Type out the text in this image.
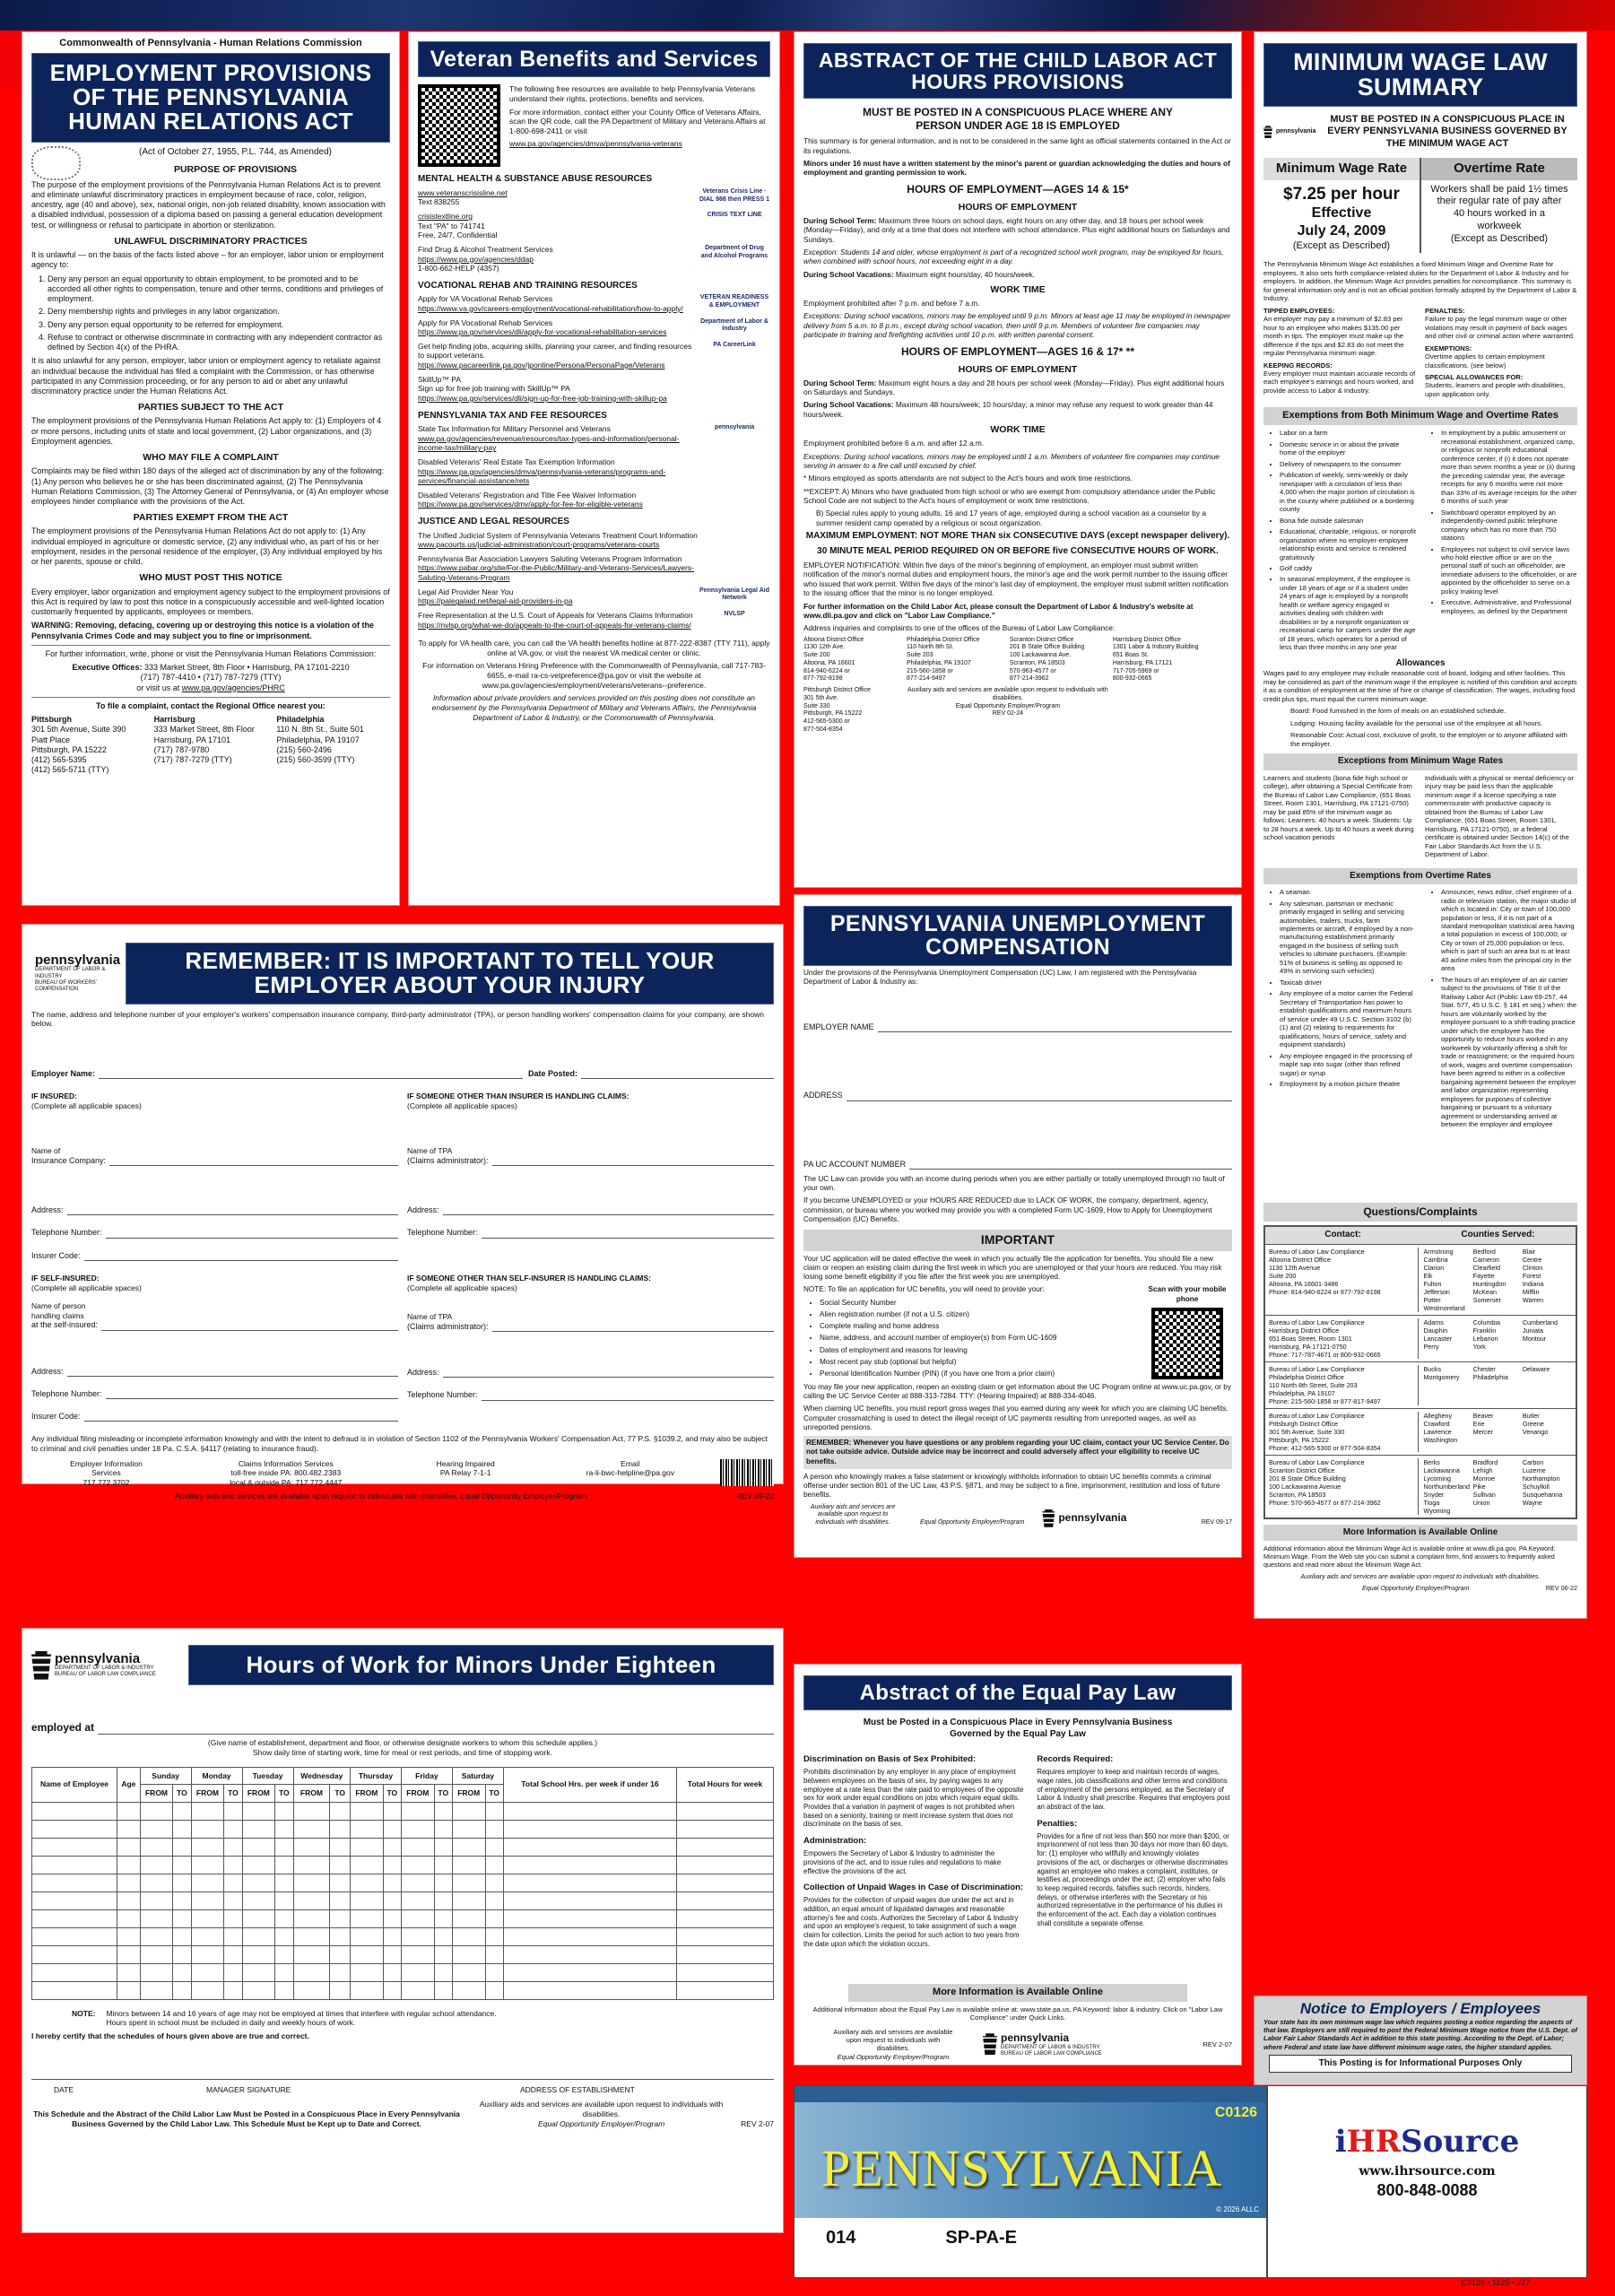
Commonwealth of Pennsylvania - Human Relations Commission
EMPLOYMENT PROVISIONS OF THE PENNSYLVANIA HUMAN RELATIONS ACT
(Act of October 27, 1955, P.L. 744, as Amended)
PURPOSE OF PROVISIONS

The purpose of the employment provisions of the Pennsylvania Human Relations Act is to prevent and eliminate unlawful discriminatory practices in employment because of race, color, religion, ancestry, age (40 and above), sex, national origin, non-job related disability, known association with a disabled individual, possession of a diploma based on passing a general education development test, or willingness or refusal to participate in abortion or sterilization.

UNLAWFUL DISCRIMINATORY PRACTICES

It is unlawful — on the basis of the facts listed above – for an employer, labor union or employment agency to:

1. Deny any person an equal opportunity to obtain employment, to be promoted and to be accorded all other rights to compensation, tenure and other terms, conditions and privileges of employment.
2. Deny membership rights and privileges in any labor organization.
3. Deny any person equal opportunity to be referred for employment.
4. Refuse to contract or otherwise discriminate in contracting with any independent contractor as defined by Section 4(x) of the PHRA.

It is also unlawful for any person, employer, labor union or employment agency to retaliate against an individual because the individual has filed a complaint with the Commission, or has otherwise participated in any Commission proceeding, or for any person to aid or abet any unlawful discriminatory practice under the Human Relations Act.

PARTIES SUBJECT TO THE ACT

The employment provisions of the Pennsylvania Human Relations Act apply to: (1) Employers of 4 or more persons, including units of state and local government, (2) Labor organizations, and (3) Employment agencies.

WHO MAY FILE A COMPLAINT

Complaints may be filed within 180 days of the alleged act of discrimination by any of the following: (1) Any person who believes he or she has been discriminated against, (2) The Pennsylvania Human Relations Commission, (3) The Attorney General of Pennsylvania, or (4) An employer whose employees hinder compliance with the provisions of the Act.

PARTIES EXEMPT FROM THE ACT

The employment provisions of the Pennsylvania Human Relations Act do not apply to: (1) Any individual employed in agriculture or domestic service, (2) any individual who, as part of his or her employment, resides in the personal residence of the employer, (3) Any individual employed by his or her parents, spouse or child.

WHO MUST POST THIS NOTICE

Every employer, labor organization and employment agency subject to the employment provisions of this Act is required by law to post this notice in a conspicuously accessible and well-lighted location customarily frequented by applicants, employees or members.

WARNING: Removing, defacing, covering up or destroying this notice is a violation of the Pennsylvania Crimes Code and may subject you to fine or imprisonment.

For further information, write, phone or visit the Pennsylvania Human Relations Commission:

Executive Offices: 333 Market Street, 8th Floor • Harrisburg, PA 17101-2210
(717) 787-4410 • (717) 787-7279 (TTY)
or visit us at www.pa.gov/agencies/PHRC
To file a complaint, contact the Regional Office nearest you:
Pittsburgh
301 5th Avenue, Suite 390
Piatt Place
Pittsburgh, PA 15222
(412) 565-5395
(412) 565-5711 (TTY)
Harrisburg
333 Market Street, 8th Floor
Harrisburg, PA 17101
(717) 787-9780
(717) 787-7279 (TTY)
Philadelphia
110 N. 8th St., Suite 501
Philadelphia, PA 19107
(215) 560-2496
(215) 560-3599 (TTY)
Veteran Benefits and Services

The following free resources are available to help Pennsylvania Veterans understand their rights, protections, benefits and services.

For more information, contact either your County Office of Veterans Affairs, scan the QR code, call the PA Department of Military and Veterans Affairs at 1-800-698-2411 or visit

www.pa.gov/agencies/dmva/pennsylvania-veterans
MENTAL HEALTH & SUBSTANCE ABUSE RESOURCES
www.veteranscrisisline.net
Text 838255
Veterans Crisis Line · DIAL 988 then PRESS 1
crisistextline.org
Text "PA" to 741741
Free, 24/7, Confidential
CRISIS TEXT LINE
Find Drug & Alcohol Treatment Services
https://www.pa.gov/agencies/ddap
1-800-662-HELP (4357)
Department of Drug and Alcohol Programs
VOCATIONAL REHAB AND TRAINING RESOURCES
Apply for VA Vocational Rehab Services
https://www.va.gov/careers-employment/vocational-rehabilitation/how-to-apply/
VETERAN READINESS & EMPLOYMENT
Apply for PA Vocational Rehab Services
https://www.pa.gov/services/dli/apply-for-vocational-rehabilitation-services
Department of Labor & Industry
Get help finding jobs, acquiring skills, planning your career, and finding resources to support veterans.
https://www.pacareerlink.pa.gov/jponline/Persona/PersonaPage/Veterans
PA CareerLink
SkillUp™ PA
Sign up for free job training with SkillUp™ PA
https://www.pa.gov/services/dli/sign-up-for-free-job-training-with-skillup-pa
PENNSYLVANIA TAX AND FEE RESOURCES
State Tax Information for Military Personnel and Veterans
www.pa.gov/agencies/revenue/resources/tax-types-and-information/personal-income-tax/military-pay
pennsylvania
Disabled Veterans' Real Estate Tax Exemption Information
https://www.pa.gov/agencies/dmva/pennsylvania-veterans/programs-and-services/financial-assistance/rets
Disabled Veterans' Registration and Title Fee Waiver Information
https://www.pa.gov/services/dmv/apply-for-fee-for-eligible-veterans
JUSTICE AND LEGAL RESOURCES
The Unified Judicial System of Pennsylvania Veterans Treatment Court Information
www.pacourts.us/judicial-administration/court-programs/veterans-courts
Pennsylvania Bar Association Lawyers Saluting Veterans Program Information
https://www.pabar.org/site/For-the-Public/Military-and-Veterans-Services/Lawyers-Saluting-Veterans-Program
Legal Aid Provider Near You
https://palegalaid.net/legal-aid-providers-in-pa
Pennsylvania Legal Aid Network
Free Representation at the U.S. Court of Appeals for Veterans Claims Information
https://nvlsp.org/what-we-do/appeals-to-the-court-of-appeals-for-veterans-claims/
NVLSP

To apply for VA health care, you can call the VA health benefits hotline at 877-222-8387 (TTY 711), apply online at VA.gov, or visit the nearest VA medical center or clinic.

For information on Veterans Hiring Preference with the Commonwealth of Pennsylvania, call 717-783-6655, e-mail ra-cs-vetpreference@pa.gov or visit the website at www.pa.gov/agencies/employment/veterans/veterans--preference.

Information about private providers and services provided on this posting does not constitute an endorsement by the Pennsylvania Department of Military and Veterans Affairs, the Pennsylvania Department of Labor & Industry, or the Commonwealth of Pennsylvania.

ABSTRACT OF THE CHILD LABOR ACT HOURS PROVISIONS
MUST BE POSTED IN A CONSPICUOUS PLACE WHERE ANY PERSON UNDER AGE 18 IS EMPLOYED

This summary is for general information, and is not to be considered in the same light as official statements contained in the Act or its regulations.

Minors under 16 must have a written statement by the minor's parent or guardian acknowledging the duties and hours of employment and granting permission to work.

HOURS OF EMPLOYMENT—AGES 14 & 15*
HOURS OF EMPLOYMENT

During School Term: Maximum three hours on school days, eight hours on any other day, and 18 hours per school week (Monday—Friday), and only at a time that does not interfere with school attendance. Plus eight additional hours on Saturdays and Sundays.

Exception: Students 14 and older, whose employment is part of a recognized school work program, may be employed for hours, when combined with school hours, not exceeding eight in a day.

During School Vacations: Maximum eight hours/day, 40 hours/week.

WORK TIME

Employment prohibited after 7 p.m. and before 7 a.m.

Exceptions: During school vacations, minors may be employed until 9 p.m. Minors at least age 11 may be employed in newspaper delivery from 5 a.m. to 8 p.m., except during school vacation, then until 9 p.m. Members of volunteer fire companies may participate in training and firefighting activities until 10 p.m. with written parental consent.

HOURS OF EMPLOYMENT—AGES 16 & 17* **
HOURS OF EMPLOYMENT

During School Term: Maximum eight hours a day and 28 hours per school week (Monday—Friday). Plus eight additional hours on Saturdays and Sundays.

During School Vacations: Maximum 48 hours/week; 10 hours/day; a minor may refuse any request to work greater than 44 hours/week.

WORK TIME

Employment prohibited before 6 a.m. and after 12 a.m.

Exceptions: During school vacations, minors may be employed until 1 a.m. Members of volunteer fire companies may continue serving in answer to a fire call until excused by chief.

* Minors employed as sports attendants are not subject to the Act's hours and work time restrictions.

**EXCEPT: A) Minors who have graduated from high school or who are exempt from compulsory attendance under the Public School Code are not subject to the Act's hours of employment or work time restrictions.

B) Special rules apply to young adults, 16 and 17 years of age, employed during a school vacation as a counselor by a summer resident camp operated by a religious or scout organization.

MAXIMUM EMPLOYMENT: NOT MORE THAN six CONSECUTIVE DAYS (except newspaper delivery).

30 MINUTE MEAL PERIOD REQUIRED ON OR BEFORE five CONSECUTIVE HOURS OF WORK.

EMPLOYER NOTIFICATION: Within five days of the minor's beginning of employment, an employer must submit written notification of the minor's normal duties and employment hours, the minor's age and the work permit number to the issuing officer who issued that work permit. Within five days of the minor's last day of employment, the employer must submit written notification to the issuing officer that the minor is no longer employed.

For further information on the Child Labor Act, please consult the Department of Labor & Industry's website at www.dli.pa.gov and click on "Labor Law Compliance."

Address inquiries and complaints to one of the offices of the Bureau of Labor Law Compliance:

Altoona District Office
1130 12th Ave.
Suite 200
Altoona, PA 16601
814-940-6224 or
877-792-8198
Philadelphia District Office
110 North 8th St.
Suite 203
Philadelphia, PA 19107
215-560-1858 or
877-214-9497
Scranton District Office
201 B State Office Building
100 Lackawanna Ave.
Scranton, PA 18503
570-963-4577 or
877-214-3962
Harrisburg District Office
1301 Labor & Industry Building
651 Boas St.
Harrisburg, PA 17121
717-705-5969 or
800-932-0665
Pittsburgh District Office
301 5th Ave.
Suite 330
Pittsburgh, PA 15222
412-565-5300 or
877-504-8354
Auxiliary aids and services are available upon request to individuals with disabilities.
Equal Opportunity Employer/Program
REV 02-24
MINIMUM WAGE LAW SUMMARY
pennsylvania
MUST BE POSTED IN A CONSPICUOUS PLACE IN EVERY PENNSYLVANIA BUSINESS GOVERNED BY THE MINIMUM WAGE ACT
Minimum Wage Rate
$7.25 per hour
Effective
July 24, 2009
(Except as Described)
Overtime Rate
Workers shall be paid 1½ times their regular rate of pay after 40 hours worked in a workweek
(Except as Described)

The Pennsylvania Minimum Wage Act establishes a fixed Minimum Wage and Overtime Rate for employees. It also sets forth compliance-related duties for the Department of Labor & Industry and for employers. In addition, the Minimum Wage Act provides penalties for noncompliance. This summary is for general information only and is not an official position formally adopted by the Department of Labor & Industry.

TIPPED EMPLOYEES:

An employer may pay a minimum of $2.83 per hour to an employee who makes $135.00 per month in tips. The employer must make up the difference if the tips and $2.83 do not meet the regular Pennsylvania minimum wage.

KEEPING RECORDS:

Every employer must maintain accurate records of each employee's earnings and hours worked, and provide access to Labor & Industry.

PENALTIES:

Failure to pay the legal minimum wage or other violations may result in payment of back wages and other civil or criminal action where warranted.

EXEMPTIONS:

Overtime applies to certain employment classifications. (see below)

SPECIAL ALLOWANCES FOR:

Students, learners and people with disabilities, upon application only.

Exemptions from Both Minimum Wage and Overtime Rates
• Labor on a farm
• Domestic service in or about the private home of the employer
• Delivery of newspapers to the consumer
• Publication of weekly, semi-weekly or daily newspaper with a circulation of less than 4,000 when the major portion of circulation is in the county where published or a bordering county
• Bona fide outside salesman
• Educational, charitable, religious, or nonprofit organization where no employer-employee relationship exists and service is rendered gratuitously
• Golf caddy
• In seasonal employment, if the employee is under 18 years of age or if a student under 24 years of age is employed by a nonprofit health or welfare agency engaged in activities dealing with children with disabilities or by a nonprofit organization or recreational camp for campers under the age of 18 years, which operates for a period of less than three months in any one year
• In employment by a public amusement or recreational establishment, organized camp, or religious or nonprofit educational conference center, if (i) it does not operate more than seven months a year or (ii) during the preceding calendar year, the average receipts for any 6 months were not more than 33% of its average receipts for the other 6 months of such year
• Switchboard operator employed by an independently-owned public telephone company which has no more than 750 stations
• Employees not subject to civil service laws who hold elective office or are on the personal staff of such an officeholder, are immediate advisers to the officeholder, or are appointed by the officeholder to serve on a policy making level
• Executive, Administrative, and Professional employees, as defined by the Department
Allowances

Wages paid to any employee may include reasonable cost of board, lodging and other facilities. This may be considered as part of the minimum wage if the employee is notified of this condition and accepts it as a condition of employment at the time of hire or change of classification. The wages, including food credit plus tips, must equal the current minimum wage.

Board: Food furnished in the form of meals on an established schedule.

Lodging: Housing facility available for the personal use of the employee at all hours.

Reasonable Cost: Actual cost, exclusive of profit, to the employer or to anyone affiliated with the employer.

Exceptions from Minimum Wage Rates

Learners and students (bona fide high school or college), after obtaining a Special Certificate from the Bureau of Labor Law Compliance, (651 Boas Street, Room 1301, Harrisburg, PA 17121-0750) may be paid 85% of the minimum wage as follows: Learners: 40 hours a week. Students: Up to 28 hours a week. Up to 40 hours a week during school vacation periods

Individuals with a physical or mental deficiency or injury may be paid less than the applicable minimum wage if a license specifying a rate commensurate with productive capacity is obtained from the Bureau of Labor Law Compliance, (651 Boas Street, Room 1301, Harrisburg, PA 17121-0750), or a federal certificate is obtained under Section 14(c) of the Fair Labor Standards Act from the U.S. Department of Labor.

Exemptions from Overtime Rates
• A seaman
• Any salesman, partsman or mechanic primarily engaged in selling and servicing automobiles, trailers, trucks, farm implements or aircraft, if employed by a non-manufacturing establishment primarily engaged in the business of selling such vehicles to ultimate purchasers. (Example: 51% of business is selling as opposed to 49% in servicing such vehicles)
• Taxicab driver
• Any employee of a motor carrier the Federal Secretary of Transportation has power to establish qualifications and maximum hours of service under 49 U.S.C. Section 3102 (b)(1) and (2) relating to requirements for qualifications, hours of service, safety and equipment standards)
• Any employee engaged in the processing of maple sap into sugar (other than refined sugar) or syrup
• Employment by a motion picture theatre
• Announcer, news editor, chief engineer of a radio or television station, the major studio of which is located in: City or town of 100,000 population or less, if it is not part of a standard metropolitan statistical area having a total population in excess of 100,000; or City or town of 25,000 population or less, which is part of such an area but is at least 40 airline miles from the principal city in the area
• The hours of an employee of an air carrier subject to the provisions of Title II of the Railway Labor Act (Public Law 69-257, 44 Stat. 577, 45 U.S.C. § 181 et seq.) when: the hours are voluntarily worked by the employee pursuant to a shift-trading practice under which the employee has the opportunity to reduce hours worked in any workweek by voluntarily offering a shift for trade or reassignment; or the required hours of work, wages and overtime compensation have been agreed to either in a collective bargaining agreement between the employer and labor organization representing employees for purposes of collective bargaining or pursuant to a voluntary agreement or understanding arrived at between the employer and employee
Questions/Complaints
Contact:	Counties Served:
Bureau of Labor Law Compliance
Altoona District Office
1130 12th Avenue
Suite 200
Altoona, PA 16601-3486
Phone: 814-940-6224 or 877-792-8198
Armstrong	Bedford	Blair
Cambria	Cameron	Centre
Clarion	Clearfield	Clinton
Elk	Fayette	Forest
Fulton	Huntingdon	Indiana
Jefferson	McKean	Mifflin
Potter	Somerset	Warren
Westmoreland
Bureau of Labor Law Compliance
Harrisburg District Office
651 Boas Street, Room 1301
Harrisburg, PA 17121-0750
Phone: 717-787-4671 or 800-932-0665
Adams	Columbia	Cumberland
Dauphin	Franklin	Juniata
Lancaster	Lebanon	Montour
Perry	York
Bureau of Labor Law Compliance
Philadelphia District Office
110 North 8th Street, Suite 203
Philadelphia, PA 19107
Phone: 215-560-1858 or 877-817-9497
Bucks	Chester	Delaware
Montgomery	Philadelphia
Bureau of Labor Law Compliance
Pittsburgh District Office
301 5th Avenue, Suite 330
Pittsburgh, PA 15222
Phone: 412-565-5300 or 877-504-8354
Allegheny	Beaver	Butler
Crawford	Erie	Greene
Lawrence	Mercer	Venango
Washington
Bureau of Labor Law Compliance
Scranton District Office
201 B State Office Building
100 Lackawanna Avenue
Scranton, PA 18503
Phone: 570-963-4577 or 877-214-3962
Berks	Bradford	Carbon
Lackawanna	Lehigh	Luzerne
Lycoming	Monroe	Northampton
Northumberland Pike	Schuylkill
Snyder	Sullivan	Susquehanna
Tioga	Union	Wayne
Wyoming
More Information is Available Online

Additional information about the Minimum Wage Act is available online at www.dli.pa.gov, PA Keyword: Minimum Wage. From the Web site you can submit a complaint form, find answers to frequently asked questions and read more about the Minimum Wage Act.

Auxiliary aids and services are available upon request to individuals with disabilities.

Equal Opportunity Employer/Program	REV 06-22
Notice to Employers / Employees

Your state has its own minimum wage law which requires posting a notice regarding the aspects of that law. Employers are still required to post the Federal Minimum Wage notice from the U.S. Dept. of Labor Fair Labor Standards Act in addition to this state posting. According to the Dept. of Labor; where Federal and state law have different minimum wage rates, the higher standard applies.

This Posting is for Informational Purposes Only
pennsylvania
DEPARTMENT OF LABOR & INDUSTRY
BUREAU OF WORKERS' COMPENSATION
REMEMBER: IT IS IMPORTANT TO TELL YOUR EMPLOYER ABOUT YOUR INJURY

The name, address and telephone number of your employer's workers' compensation insurance company, third-party administrator (TPA), or person handling workers' compensation claims for your company, are shown below.

Employer Name:	Date Posted:
IF INSURED:
(Complete all applicable spaces)
Name of
Insurance Company:
Address:
Telephone Number:
Insurer Code:
IF SOMEONE OTHER THAN INSURER IS HANDLING CLAIMS:
(Complete all applicable spaces)
Name of TPA
(Claims administrator):
Address:
Telephone Number:
IF SELF-INSURED:
(Complete all applicable spaces)
Name of person
handling claims
at the self-insured:
Address:
Telephone Number:
Insurer Code:
IF SOMEONE OTHER THAN SELF-INSURER IS HANDLING CLAIMS:
(Complete all applicable spaces)
Name of TPA
(Claims administrator):
Address:
Telephone Number:

Any individual filing misleading or incomplete information knowingly and with the intent to defraud is in violation of Section 1102 of the Pennsylvania Workers' Compensation Act, 77 P.S. §1039.2, and may also be subject to criminal and civil penalties under 18 Pa. C.S.A. §4117 (relating to insurance fraud).

Employer Information
Services
717.772.3702
Claims Information Services
toll-free inside PA: 800.482.2383
local & outside PA: 717.772.4447
Hearing Impaired
PA Relay 7-1-1
Email
ra-li-bwc-helpline@pa.gov
Auxiliary aids and services are available upon request to individuals with disabilities. Equal Opportunity Employer/Program	REV 09-22
PENNSYLVANIA UNEMPLOYMENT COMPENSATION

Under the provisions of the Pennsylvania Unemployment Compensation (UC) Law, I am registered with the Pennsylvania Department of Labor & Industry as:

EMPLOYER NAME
ADDRESS
PA UC ACCOUNT NUMBER

The UC Law can provide you with an income during periods when you are either partially or totally unemployed through no fault of your own.

If you become UNEMPLOYED or your HOURS ARE REDUCED due to LACK OF WORK, the company, department, agency, commission, or bureau where you worked may provide you with a completed Form UC-1609, How to Apply for Unemployment Compensation (UC) Benefits.

IMPORTANT

Your UC application will be dated effective the week in which you actually file the application for benefits. You should file a new claim or reopen an existing claim during the first week in which you are unemployed or that your hours are reduced. You may risk losing some benefit eligibility if you file after the first week you are unemployed.

NOTE: To file an application for UC benefits, you will need to provide your:

• Social Security Number
• Alien registration number (if not a U.S. citizen)
• Complete mailing and home address
• Name, address, and account number of employer(s) from Form UC-1609
• Dates of employment and reasons for leaving
• Most recent pay stub (optional but helpful)
• Personal Identification Number (PIN) (if you have one from a prior claim)
Scan with your mobile phone

You may file your new application, reopen an existing claim or get information about the UC Program online at www.uc.pa.gov, or by calling the UC Service Center at 888-313-7284. TTY: (Hearing Impaired) at 888-334-4046.

When claiming UC benefits, you must report gross wages that you earned during any week for which you are claiming UC benefits. Computer crossmatching is used to detect the illegal receipt of UC payments resulting from unreported wages, as well as unreported pensions.

REMEMBER: Whenever you have questions or any problem regarding your UC claim, contact your UC Service Center. Do not take outside advice. Outside advice may be incorrect and could adversely affect your eligibility to receive UC benefits.

A person who knowingly makes a false statement or knowingly withholds information to obtain UC benefits commits a criminal offense under section 801 of the UC Law, 43 P.S. §871, and may be subject to a fine, imprisonment, restitution and loss of future benefits.

Auxiliary aids and services are available upon request to individuals with disabilities.	Equal Opportunity Employer/Program	pennsylvania	REV 09-17
Abstract of the Equal Pay Law
Must be Posted in a Conspicuous Place in Every Pennsylvania Business Governed by the Equal Pay Law
Discrimination on Basis of Sex Prohibited:

Prohibits discrimination by any employer in any place of employment between employees on the basis of sex, by paying wages to any employee at a rate less than the rate paid to employees of the opposite sex for work under equal conditions on jobs which require equal skills. Provides that a variation in payment of wages is not prohibited when based on a seniority, training or merit increase system that does not discriminate on the basis of sex.

Administration:

Empowers the Secretary of Labor & Industry to administer the provisions of the act, and to issue rules and regulations to make effective the provisions of the act.

Collection of Unpaid Wages in Case of Discrimination:

Provides for the collection of unpaid wages due under the act and in addition, an equal amount of liquidated damages and reasonable attorney's fee and costs. Authorizes the Secretary of Labor & Industry and upon an employee's request, to take assignment of such a wage claim for collection. Limits the period for such action to two years from the date upon which the violation occurs.

Records Required:

Requires employer to keep and maintain records of wages, wage rates, job classifications and other terms and conditions of employment of the persons employed, as the Secretary of Labor & Industry shall prescribe. Requires that employers post an abstract of the law.

Penalties:

Provides for a fine of not less than $50 nor more than $200, or imprisonment of not less than 30 days nor more than 60 days, for: (1) employer who willfully and knowingly violates provisions of the act, or discharges or otherwise discriminates against an employee who makes a complaint, institutes, or testifies at, proceedings under the act; (2) employer who fails to keep required records, falsifies such records, hinders, delays, or otherwise interferes with the Secretary or his authorized representative in the performance of his duties in the enforcement of the act. Each day a violation continues shall constitute a separate offense.

More Information is Available Online

Additional information about the Equal Pay Law is available online at: www.state.pa.us, PA Keyword: labor & industry. Click on "Labor Law Compliance" under Quick Links.

Auxiliary aids and services are available upon request to individuals with disabilities.
Equal Opportunity Employer/Program
pennsylvania
DEPARTMENT OF LABOR & INDUSTRY
BUREAU OF LABOR LAW COMPLIANCE
REV 2-07
pennsylvania
DEPARTMENT OF LABOR & INDUSTRY
BUREAU OF LABOR LAW COMPLIANCE	Hours of Work for Minors Under Eighteen
employed at
(Give name of establishment, department and floor, or otherwise designate workers to whom this schedule applies.)
Show daily time of starting work, time for meal or rest periods, and time of stopping work.
Name of Employee	Age	Sunday		Monday		Tuesday		Wednesday		Thursday		Friday		Saturday		Total School Hrs. per week if under 16	Total Hours for week
		FROM	TO	FROM	TO	FROM	TO	FROM	TO	FROM	TO	FROM	TO	FROM	TO		

NOTE: Minors between 14 and 16 years of age may not be employed at times that interfere with regular school attendance.
Hours spent in school must be included in daily and weekly hours of work.
I hereby certify that the schedules of hours given above are true and correct.
DATE	MANAGER SIGNATURE	ADDRESS OF ESTABLISHMENT
This Schedule and the Abstract of the Child Labor Law Must be Posted in a Conspicuous Place in Every Pennsylvania Business Governed by the Child Labor Law. This Schedule Must be Kept up to Date and Correct.
Auxiliary aids and services are available upon request to individuals with disabilities.
Equal Opportunity Employer/Program	REV 2-07
C0126
PENNSYLVANIA
© 2026 ALLC
014	SP-PA-E
iHRSource
www.ihrsource.com
800-848-0088
C0126 • 1125 • v37
